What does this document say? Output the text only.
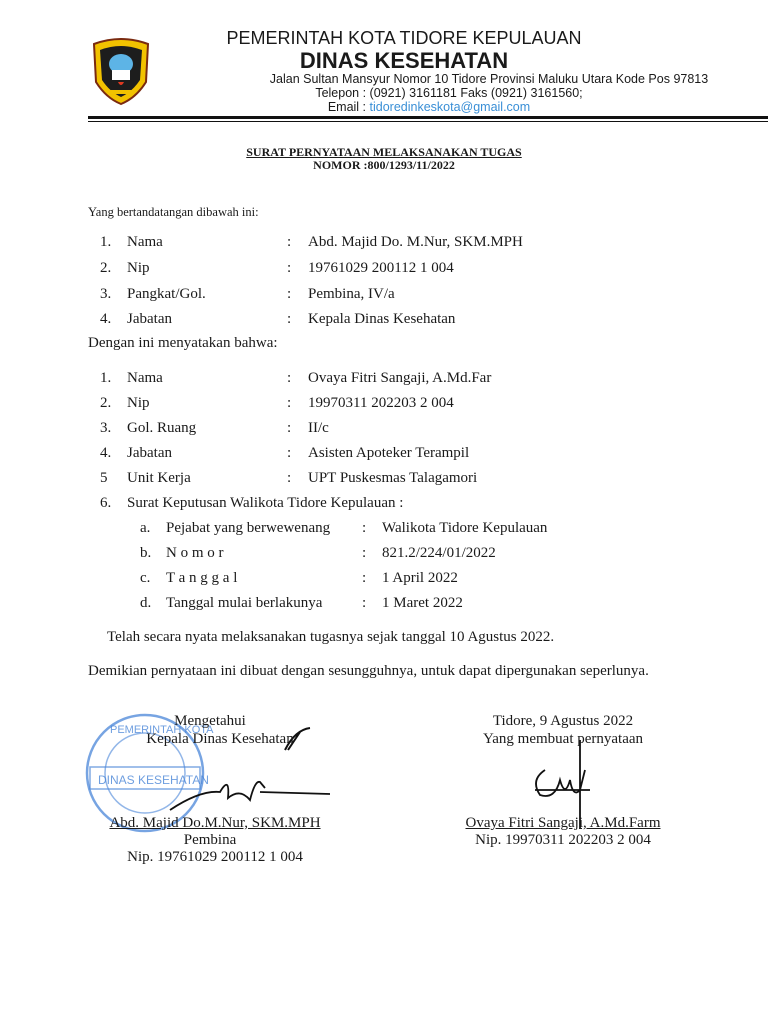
PEMERINTAH KOTA TIDORE KEPULAUAN
DINAS KESEHATAN
Jalan Sultan Mansyur Nomor 10 Tidore Provinsi Maluku Utara Kode Pos 97813
Telepon : (0921) 3161181 Faks (0921) 3161560;
Email : tidoredinkeskota@gmail.com
SURAT PERNYATAAN MELAKSANAKAN TUGAS
NOMOR :800/1293/11/2022
Yang bertandatangan dibawah ini:
1. Nama	: Abd. Majid Do. M.Nur, SKM.MPH
2. Nip	: 19761029 200112 1 004
3. Pangkat/Gol.	: Pembina, IV/a
4. Jabatan	: Kepala Dinas Kesehatan
Dengan ini menyatakan bahwa:
1. Nama	: Ovaya Fitri Sangaji, A.Md.Far
2. Nip	: 19970311 202203 2 004
3. Gol. Ruang	: II/c
4. Jabatan	: Asisten Apoteker Terampil
5 Unit Kerja	: UPT Puskesmas Talagamori
6. Surat Keputusan Walikota Tidore Kepulauan :
a. Pejabat yang berwewenang : Walikota Tidore Kepulauan
b. N o m o r	: 821.2/224/01/2022
c. T a n g g a l	: 1 April 2022
d. Tanggal mulai berlakunya	: 1 Maret 2022
Telah secara nyata melaksanakan tugasnya sejak tanggal 10 Agustus 2022.
Demikian pernyataan ini dibuat dengan sesungguhnya, untuk dapat dipergunakan seperlunya.
DINAS KESEHATAN
PEMERINTAH KOTA
Mengetahui
Kepala Dinas Kesehatan
Abd. Majid Do.M.Nur, SKM.MPH
Pembina
Nip. 19761029 200112 1 004
Tidore, 9 Agustus 2022
Yang membuat pernyataan
Ovaya Fitri Sangaji, A.Md.Farm
Nip. 19970311 202203 2 004
